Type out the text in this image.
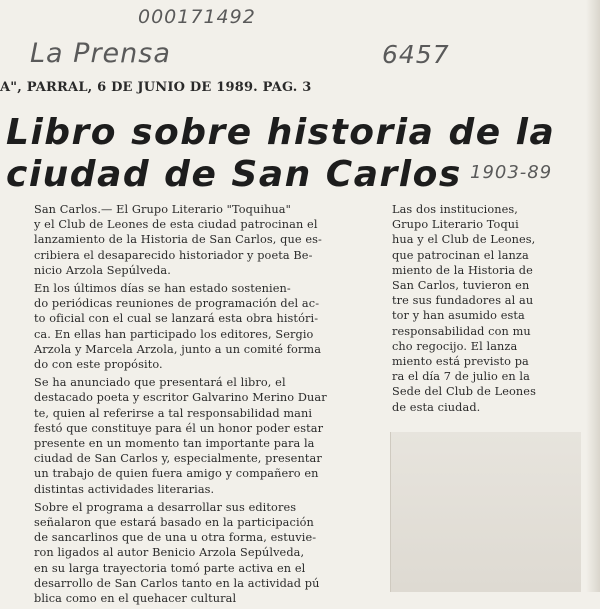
000171492
La Prensa	6457
1903-89
A", PARRAL, 6 DE JUNIO DE 1989. PAG. 3
Libro sobre historia de la
ciudad de San Carlos

San Carlos.— El Grupo Literario "Toquihua"
y el Club de Leones de esta ciudad patrocinan el
lanzamiento de la Historia de San Carlos, que es-
cribiera el desaparecido historiador y poeta Be-
nicio Arzola Sepúlveda.

En los últimos días se han estado sostenien-
do periódicas reuniones de programación del ac-
to oficial con el cual se lanzará esta obra históri-
ca. En ellas han participado los editores, Sergio
Arzola y Marcela Arzola, junto a un comité forma
do con este propósito.

Se ha anunciado que presentará el libro, el
destacado poeta y escritor Galvarino Merino Duar
te, quien al referirse a tal responsabilidad mani
festó que constituye para él un honor poder estar
presente en un momento tan importante para la
ciudad de San Carlos y, especialmente, presentar
un trabajo de quien fuera amigo y compañero en
distintas actividades literarias.

Sobre el programa a desarrollar sus editores
señalaron que estará basado en la participación
de sancarlinos que de una u otra forma, estuvie-
ron ligados al autor Benicio Arzola Sepúlveda,
en su larga trayectoria tomó parte activa en el
desarrollo de San Carlos tanto en la actividad pú
blica como en el quehacer cultural

Las dos instituciones,
Grupo Literario Toqui
hua y el Club de Leones,
que patrocinan el lanza
miento de la Historia de
San Carlos, tuvieron en
tre sus fundadores al au
tor y han asumido esta
responsabilidad con mu
cho regocijo. El lanza
miento está previsto pa
ra el día 7 de julio en la
Sede del Club de Leones
de esta ciudad.
